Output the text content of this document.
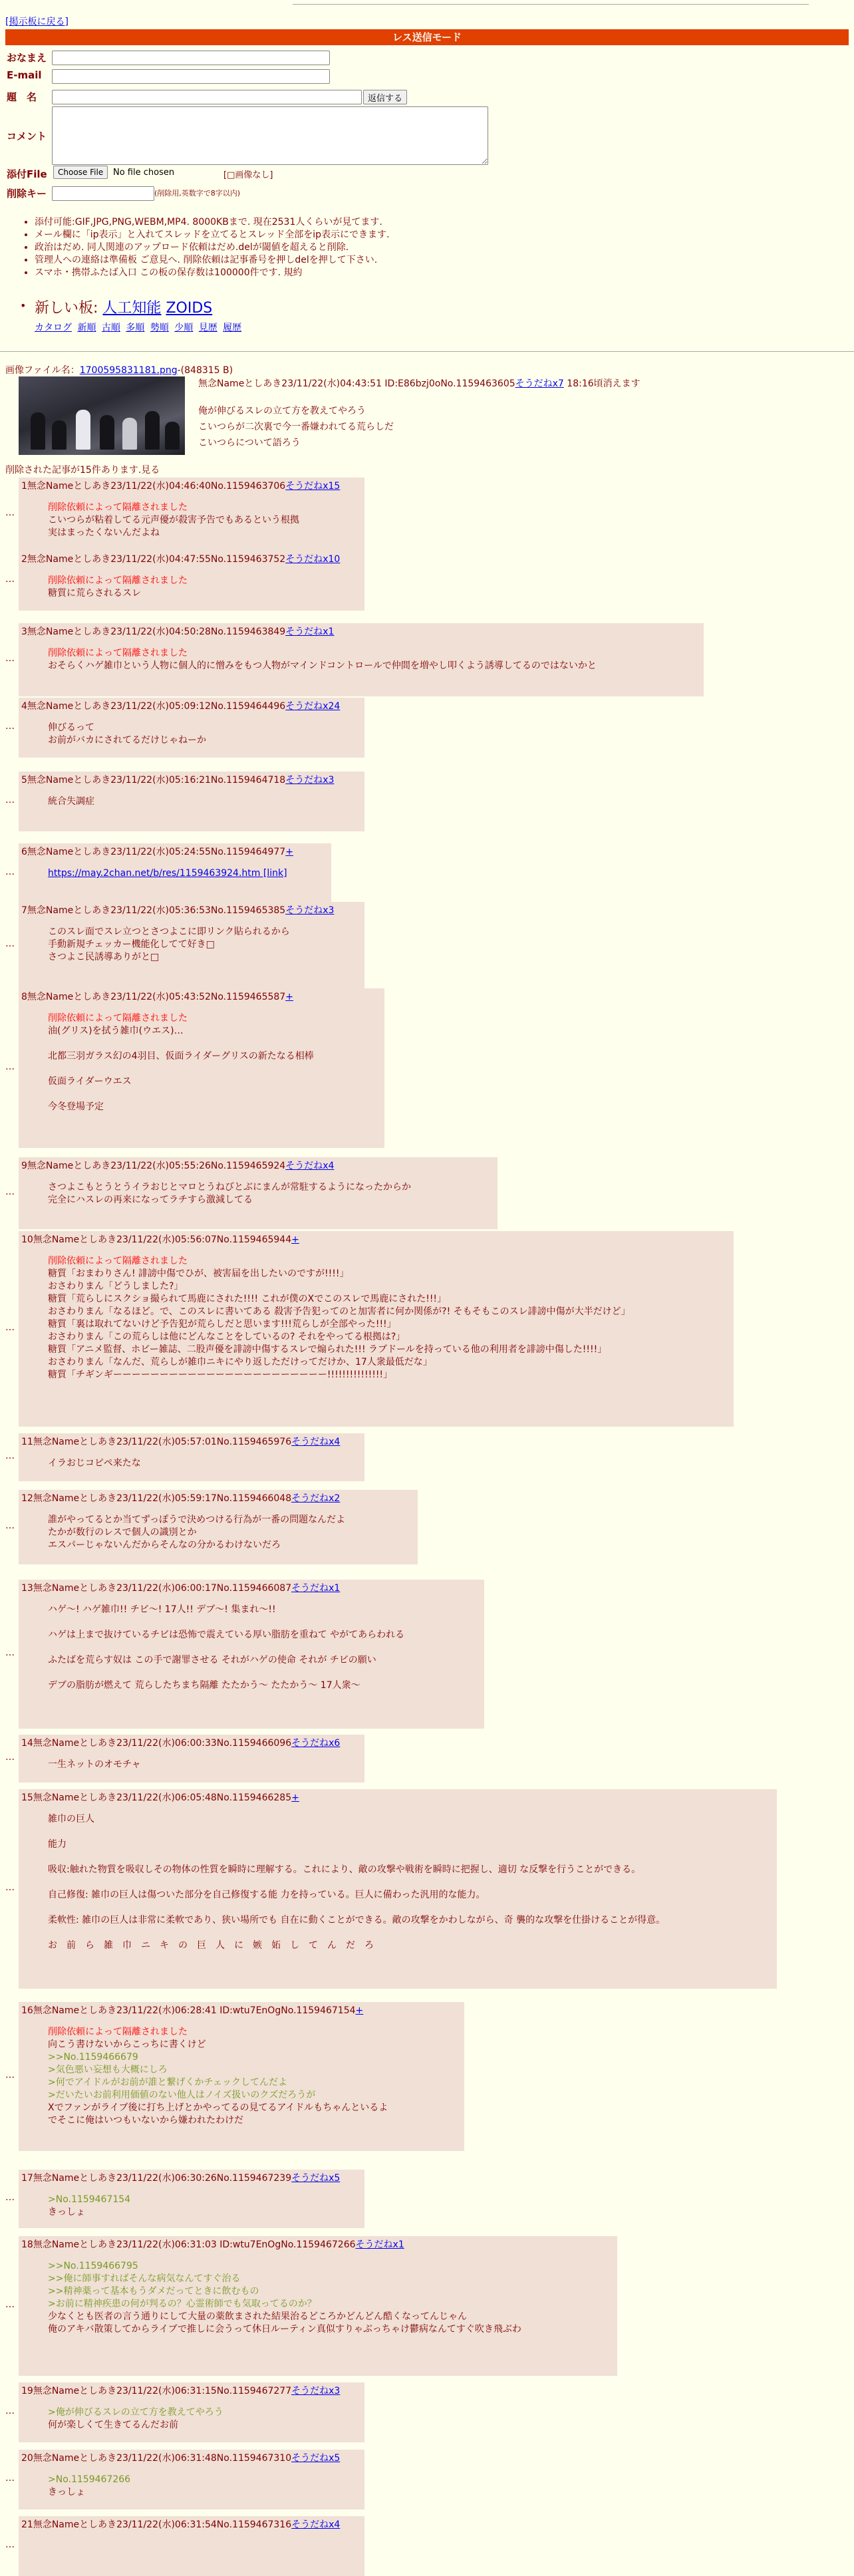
[掲示板に戻る]
レス送信モード
おなまえ
E-mail
題　名	返信する
コメント
添付File	Choose File	No file chosen	[□画像なし]
削除キー	(削除用,英数字で8字以内)
• 添付可能:GIF,JPG,PNG,WEBM,MP4. 8000KBまで. 現在2531人くらいが見てます.
• メール欄に「ip表示」と入れてスレッドを立てるとスレッド全部をip表示にできます.
• 政治はだめ. 同人関連のアップロード依頼はだめ.delが閾値を超えると削除.
• 管理人への連絡は準備板 ご意見へ. 削除依頼は記事番号を押しdelを押して下さい.
• スマホ・携帯ふたば入口 この板の保存数は100000件です. 規約
• 新しい板: 人工知能 ZOIDS
カタログ 新順 古順 多順 勢順 少順 見歴 履歴
画像ファイル名：1700595831181.png-(848315 B)
無念Nameとしあき23/11/22(水)04:43:51 ID:E86bzj0oNo.1159463605そうだねx7 18:16頃消えます
俺が伸びるスレの立て方を教えてやろう
こいつらが二次裏で今一番嫌われてる荒らしだ
こいつらについて語ろう
削除された記事が15件あります.見る
…
1無念Nameとしあき23/11/22(水)04:46:40No.1159463706そうだねx15
削除依頼によって隔離されました
こいつらが粘着してる元声優が殺害予告でもあるという根拠
実はまったくないんだよね
…
2無念Nameとしあき23/11/22(水)04:47:55No.1159463752そうだねx10
削除依頼によって隔離されました
糖質に荒らされるスレ
…
3無念Nameとしあき23/11/22(水)04:50:28No.1159463849そうだねx1
削除依頼によって隔離されました
おそらくハゲ雑巾という人物に個人的に憎みをもつ人物がマインドコントロールで仲間を増やし叩くよう誘導してるのではないかと
…
4無念Nameとしあき23/11/22(水)05:09:12No.1159464496そうだねx24
伸びるって
お前がバカにされてるだけじゃねーか
…
5無念Nameとしあき23/11/22(水)05:16:21No.1159464718そうだねx3
統合失調症
…
6無念Nameとしあき23/11/22(水)05:24:55No.1159464977+
https://may.2chan.net/b/res/1159463924.htm [link]
…
7無念Nameとしあき23/11/22(水)05:36:53No.1159465385そうだねx3
このスレ面でスレ立つとさつよこに即リンク貼られるから
手動新規チェッカー機能化してて好き□
さつよこ民誘導ありがと□
…
8無念Nameとしあき23/11/22(水)05:43:52No.1159465587+
削除依頼によって隔離されました
油(グリス)を拭う雑巾(ウエス)…
北都三羽ガラス幻の4羽目、仮面ライダーグリスの新たなる相棒
仮面ライダーウエス
今冬登場予定
…
9無念Nameとしあき23/11/22(水)05:55:26No.1159465924そうだねx4
さつよこもとうとうイラおじとマロとうねびとぶにまんが常駐するようになったからか
完全にハスレの再来になってラチすら激減してる
…
10無念Nameとしあき23/11/22(水)05:56:07No.1159465944+
削除依頼によって隔離されました
糖質「おまわりさん! 誹謗中傷でひが、被害届を出したいのですが!!!!」
おさわりまん「どうしました?」
糖質「荒らしにスクショ撮られて馬鹿にされた!!!! これが僕のXでこのスレで馬鹿にされた!!!」
おさわりまん「なるほど。で、このスレに書いてある 殺害予告犯ってのと加害者に何か関係が?! そもそもこのスレ誹謗中傷が大半だけど」
糖質「裏は取れてないけど予告犯が荒らしだと思います!!!荒らしが全部やった!!!」
おさわりまん「この荒らしは他にどんなことをしているの? それをやってる根拠は?」
糖質「アニメ監督、ホビー雑誌、二股声優を誹謗中傷するスレで煽られた!!! ラブドールを持っている他の利用者を誹謗中傷した!!!!」
おさわりまん「なんだ、荒らしが雑巾ニキにやり返しただけってだけか、17人衆最低だな」
糖質「チギンギーーーーーーーーーーーーーーーーーーーーーーー!!!!!!!!!!!!!!!」
…
11無念Nameとしあき23/11/22(水)05:57:01No.1159465976そうだねx4
イラおじコピペ来たな
…
12無念Nameとしあき23/11/22(水)05:59:17No.1159466048そうだねx2
誰がやってるとか当てずっぽうで決めつける行為が一番の問題なんだよ
たかが数行のレスで個人の識別とか
エスパーじゃないんだからそんなの分かるわけないだろ
…
13無念Nameとしあき23/11/22(水)06:00:17No.1159466087そうだねx1
ハゲ〜! ハゲ雑巾!! チビ〜! 17人!! デブ〜! 集まれ〜!!
ハゲは上まで抜けているチビは恐怖で震えている厚い脂肪を重ねて やがてあらわれる
ふたばを荒らす奴は この手で謝罪させる それがハゲの使命 それが チビの願い
デブの脂肪が燃えて 荒らしたちまち隔離 たたかう〜 たたかう〜 17人衆〜
…
14無念Nameとしあき23/11/22(水)06:00:33No.1159466096そうだねx6
一生ネットのオモチャ
…
15無念Nameとしあき23/11/22(水)06:05:48No.1159466285+
雑巾の巨人
能力
吸収:触れた物質を吸収しその物体の性質を瞬時に理解する。これにより、敵の攻撃や戦術を瞬時に把握し、適切 な反撃を行うことができる。
自己修復: 雑巾の巨人は傷ついた部分を自己修復する能 力を持っている。巨人に備わった汎用的な能力。
柔軟性: 雑巾の巨人は非常に柔軟であり、狭い場所でも 自在に動くことができる。敵の攻撃をかわしながら、奇 襲的な攻撃を仕掛けることが得意。
お　前　ら　雑　巾　ニ　キ　の　巨　人　に　嫉　妬　し　て　ん　だ　ろ
…
16無念Nameとしあき23/11/22(水)06:28:41 ID:wtu7EnOgNo.1159467154+
削除依頼によって隔離されました
向こう書けないからこっちに書くけど
>>No.1159466679
>気色悪い妄想も大概にしろ
>何でアイドルがお前が誰と繋げくかチェックしてんだよ
>だいたいお前利用価値のない他人はノイズ扱いのクズだろうが
Xでファンがライブ後に打ち上げとかやってるの見てるアイドルもちゃんといるよ
でそこに俺はいつもいないから嫌われたわけだ
…
17無念Nameとしあき23/11/22(水)06:30:26No.1159467239そうだねx5
>No.1159467154
きっしょ
…
18無念Nameとしあき23/11/22(水)06:31:03 ID:wtu7EnOgNo.1159467266そうだねx1
>>No.1159466795
>>俺に師事すればそんな病気なんてすぐ治る
>>精神薬って基本もうダメだってときに飲むもの
>お前に精神疾患の何が判るの？心霊術師でも気取ってるのか？
少なくとも医者の言う通りにして大量の薬飲まされた結果治るどころかどんどん酷くなってんじゃん
俺のアキバ散策してからライブで推しに会うって休日ルーティン真似すりゃぶっちゃけ鬱病なんてすぐ吹き飛ぶわ
…
19無念Nameとしあき23/11/22(水)06:31:15No.1159467277そうだねx3
>俺が伸びるスレの立て方を教えてやろう
何が楽しくて生きてるんだお前
…
20無念Nameとしあき23/11/22(水)06:31:48No.1159467310そうだねx5
>No.1159467266
きっしょ
…
21無念Nameとしあき23/11/22(水)06:31:54No.1159467316そうだねx4
